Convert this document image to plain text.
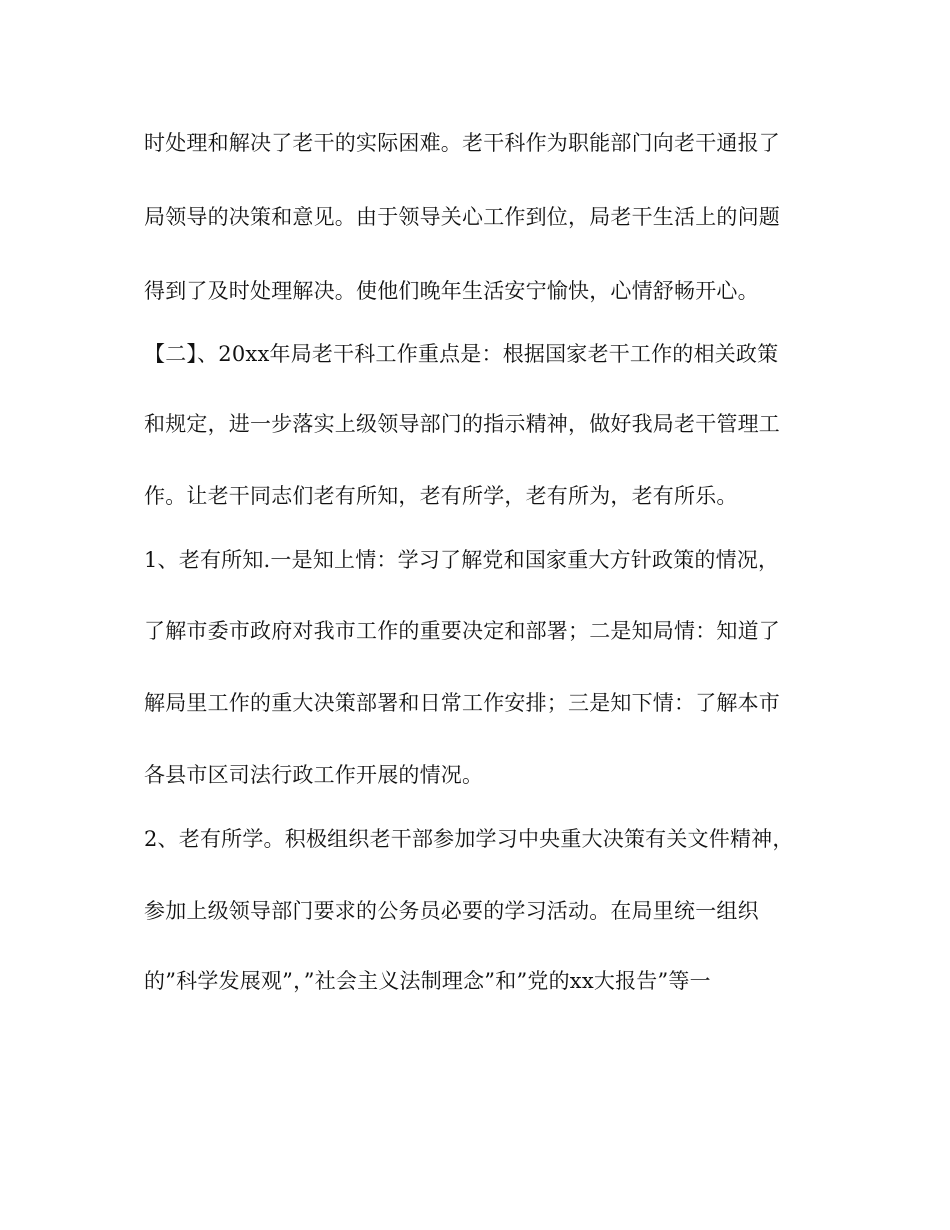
时处理和解决了老干的实际困难。老干科作为职能部门向老干通报了
局领导的决策和意见。由于领导关心工作到位，局老干生活上的问题
得到了及时处理解决。使他们晚年生活安宁愉快，心情舒畅开心。
【二】、20xx年局老干科工作重点是：根据国家老干工作的相关政策
和规定，进一步落实上级领导部门的指示精神，做好我局老干管理工
作。让老干同志们老有所知，老有所学，老有所为，老有所乐。
1、老有所知.一是知上情：学习了解党和国家重大方针政策的情况，
了解市委市政府对我市工作的重要决定和部署；二是知局情：知道了
解局里工作的重大决策部署和日常工作安排；三是知下情：了解本市
各县市区司法行政工作开展的情况。
2、老有所学。积极组织老干部参加学习中央重大决策有关文件精神，
参加上级领导部门要求的公务员必要的学习活动。在局里统一组织
的”科学发展观”，”社会主义法制理念”和”党的xx大报告”等一
